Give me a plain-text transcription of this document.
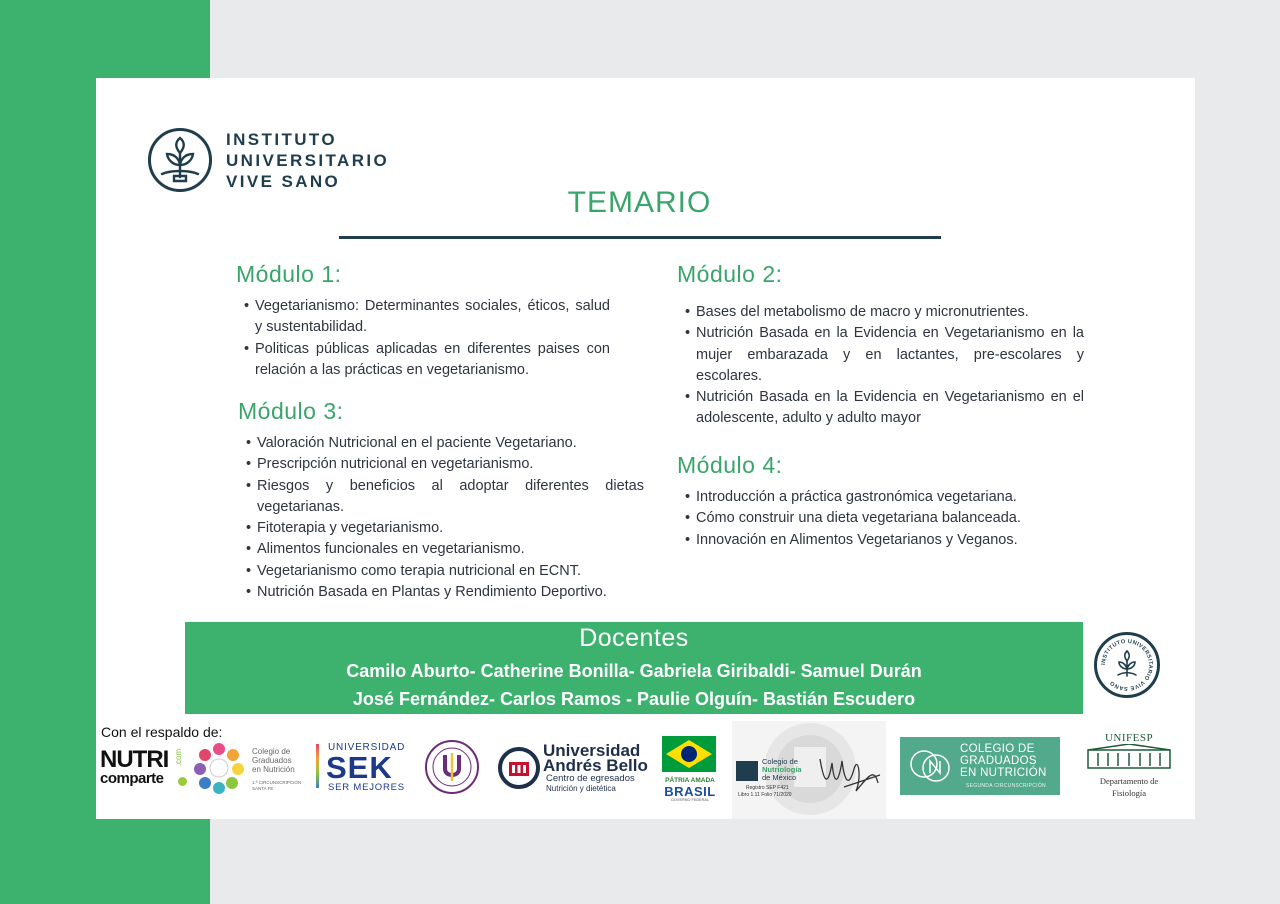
INSTITUTO
UNIVERSITARIO
VIVE SANO
TEMARIO
Módulo 1:
• Vegetarianismo: Determinantes sociales, éticos, salud y sustentabilidad.
• Politicas públicas aplicadas en diferentes paises con relación a las prácticas en vegetarianismo.
Módulo 3:
• Valoración Nutricional en el paciente Vegetariano.
• Prescripción nutricional en vegetarianismo.
• Riesgos y beneficios al adoptar diferentes dietas vegetarianas.
• Fitoterapia y vegetarianismo.
• Alimentos funcionales en vegetarianismo.
• Vegetarianismo como terapia nutricional en ECNT.
• Nutrición Basada en Plantas y Rendimiento Deportivo.
Módulo 2:
• Bases del metabolismo de macro y micronutrientes.
• Nutrición Basada en la Evidencia en Vegetarianismo en la mujer embarazada y en lactantes, pre-escolares y escolares.
• Nutrición Basada en la Evidencia en Vegetarianismo en el adolescente, adulto y adulto mayor
Módulo 4:
• Introducción a práctica gastronómica vegetariana.
• Cómo construir una dieta vegetariana balanceada.
• Innovación en Alimentos Vegetarianos y Veganos.
Docentes
Camilo Aburto- Catherine Bonilla- Gabriela Giribaldi- Samuel Durán
José Fernández- Carlos Ramos - Paulie Olguín- Bastián Escudero
INSTITUTO UNIVERSITARIO VIVE SANO
Con el respaldo de:
NUTRI
comparte
.com	Colegio de
Graduados
en Nutrición
1.ª CIRCUNSCRIPCIÓN SANTA FE
UNIVERSIDAD
SEK
SER MEJORES
Universidad
Andrés Bello
Centro de egresados
Nutrición y dietética
PÁTRIA AMADA
BRASIL
GOVERNO FEDERAL
Colegio de
Nutriología
de México
Registro SEP F421
Libro 1.11 Folio 71/2020
COLEGIO DE
GRADUADOS
EN NUTRICIÓN
SEGUNDA CIRCUNSCRIPCIÓN
UNIFESP
Departamento de
Fisiología
